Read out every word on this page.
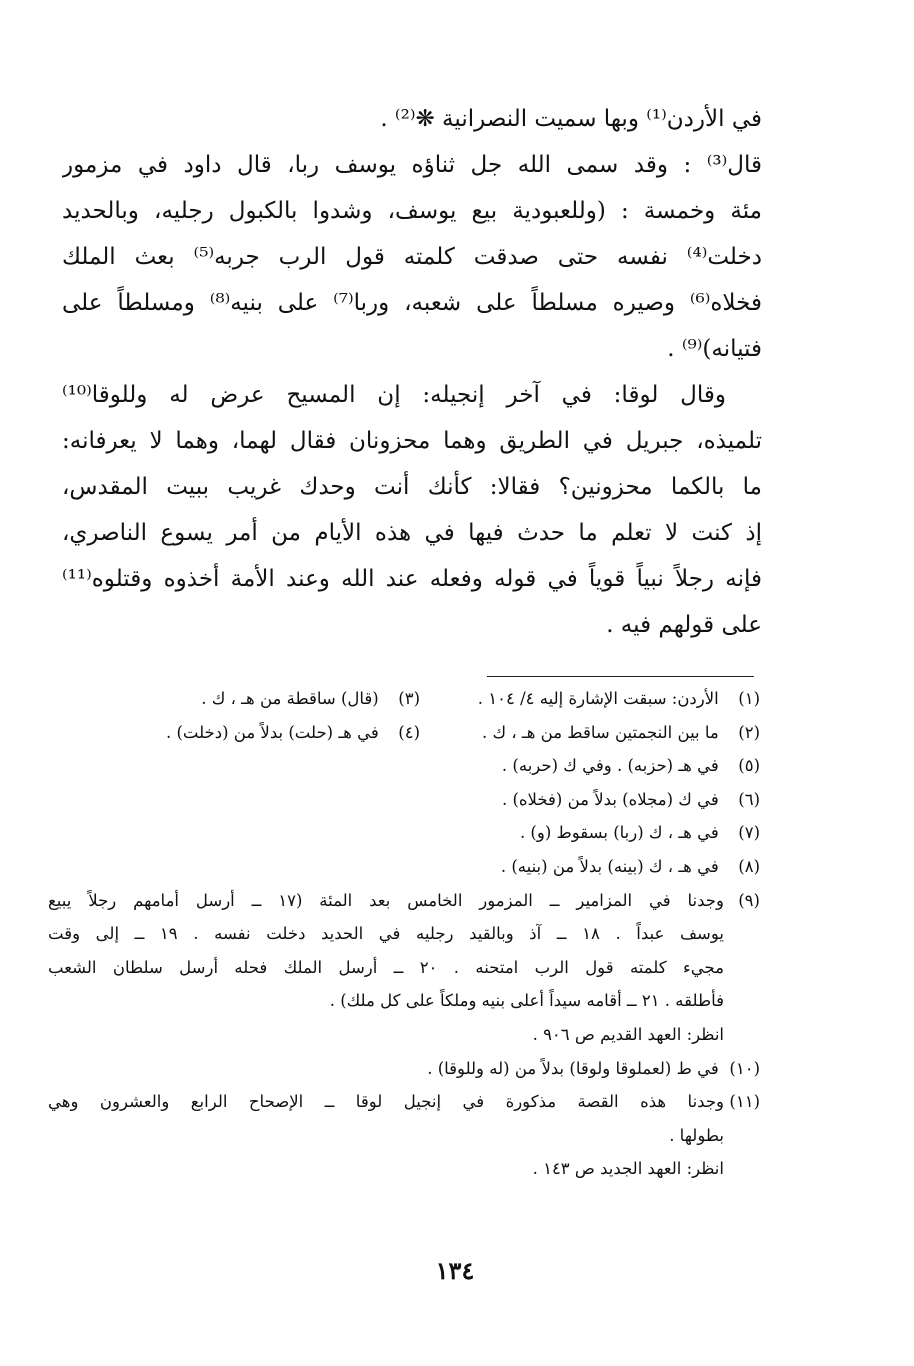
في الأردن⁽¹⁾ وبها سميت النصرانية ❋⁽²⁾ .
قال⁽³⁾ : وقد سمى الله جل ثناؤه يوسف ربا، قال داود في مزمور
مئة وخمسة : (وللعبودية بيع يوسف، وشدوا بالكبول رجليه، وبالحديد
دخلت⁽⁴⁾ نفسه حتى صدقت كلمته قول الرب جربه⁽⁵⁾ بعث الملك
فخلاه⁽⁶⁾ وصيره مسلطاً على شعبه، وربا⁽⁷⁾ على بنيه⁽⁸⁾ ومسلطاً على
فتيانه)⁽⁹⁾ .
وقال لوقا: في آخر إنجيله: إن المسيح عرض له وللوقا⁽¹⁰⁾
تلميذه، جبريل في الطريق وهما محزونان فقال لهما، وهما لا يعرفانه:
ما بالكما محزونين؟ فقالا: كأنك أنت وحدك غريب ببيت المقدس،
إذ كنت لا تعلم ما حدث فيها في هذه الأيام من أمر يسوع الناصري،
فإنه رجلاً نبياً قوياً في قوله وفعله عند الله وعند الأمة أخذوه وقتلوه⁽¹¹⁾
على قولهم فيه .
(١) الأردن: سبقت الإشارة إليه ٤/ ١٠٤ .
(٣) (قال) ساقطة من هـ ، ك .
(٢) ما بين النجمتين ساقط من هـ ، ك .
(٤) في هـ (حلت) بدلاً من (دخلت) .
(٥) في هـ (حزبه) . وفي ك (حربه) .
(٦) في ك (مجلاه) بدلاً من (فخلاه) .
(٧) في هـ ، ك (ربا) بسقوط (و) .
(٨) في هـ ، ك (بينه) بدلاً من (بنيه) .
(٩)وجدنا في المزامير ــ المزمور الخامس بعد المئة (١٧ ــ أرسل أمامهم رجلاً يبيع
يوسف عبداً . ١٨ ــ آذ وبالقيد رجليه في الحديد دخلت نفسه . ١٩ ــ إلى وقت
مجيء كلمته قول الرب امتحنه . ٢٠ ــ أرسل الملك فحله أرسل سلطان الشعب
فأطلقه . ٢١ ــ أقامه سيداً أعلى بنيه وملكاً على كل ملك) .
انظر: العهد القديم ص ٩٠٦ .
(١٠) في ط (لعملوقا ولوقا) بدلاً من (له وللوقا) .
(١١)وجدنا هذه القصة مذكورة في إنجيل لوقا ــ الإصحاح الرابع والعشرون وهي
بطولها .
انظر: العهد الجديد ص ١٤٣ .
١٣٤
